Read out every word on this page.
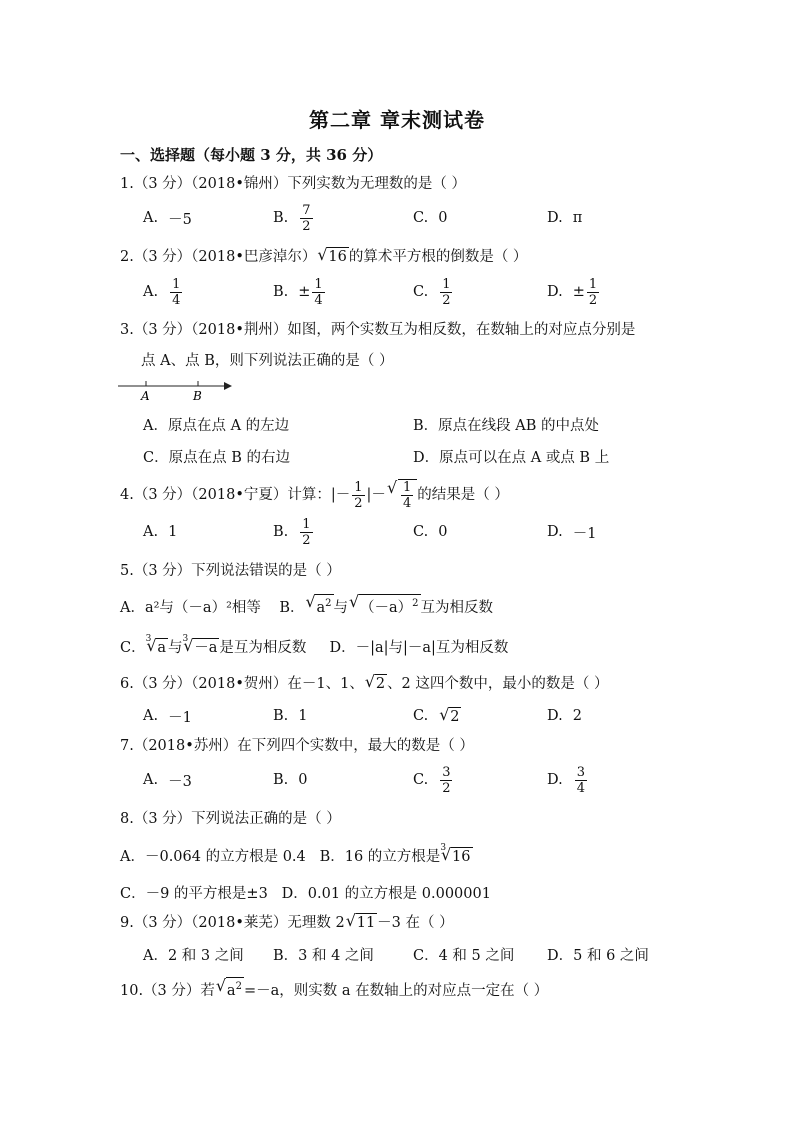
第二章 章末测试卷
一、选择题（每小题 3 分，共 36 分）
1.（3 分）（2018•锦州）下列实数为无理数的是（ ）
A. －5	B. $\frac{7}{2}$	C. 0	D. π
2.（3 分）（2018•巴彦淖尔） √ 16 的算术平方根的倒数是（ ）
A. $\frac{1}{4}$	B. ± $\frac{1}{4}$	C. $\frac{1}{2}$	D. ± $\frac{1}{2}$
3.（3 分）（2018•荆州）如图，两个实数互为相反数，在数轴上的对应点分别是
点 A、点 B，则下列说法正确的是（ ）
A	B
A．原点在点 A 的左边	B．原点在线段 AB 的中点处
C．原点在点 B 的右边	D．原点可以在点 A 或点 B 上
4.（3 分）（2018•宁夏）计算：|－ $\frac{1}{2}$ |－ √ $\frac{1}{4}$ 的结果是（ ）
A. 1	B. $\frac{1}{2}$	C. 0	D. －1
5.（3 分）下列说法错误的是（ ）
A．a²与（－a）²相等 B． √ $a^2$ 与 √ $(-a)^2$ 互为相反数
C．$^3$√ a 与$^3$√ －a 是互为相反数 D．－|a|与|－a|互为相反数
6.（3 分）（2018•贺州）在－1、1、 √ 2 、2 这四个数中，最小的数是（ ）
A. －1	B. 1	C.	√ 2	D. 2
7.（2018•苏州）在下列四个实数中，最大的数是（ ）
A. －3	B. 0	C. $\frac{3}{2}$	D. $\frac{3}{4}$
8.（3 分）下列说法正确的是（ ）
A．－0.064 的立方根是 0.4 B．16 的立方根是$^3$√ 16
C．－9 的平方根是±3 D．0.01 的立方根是 0.000001
9.（3 分）（2018•莱芜）无理数 2 √ 11 －3 在（ ）
A．2 和 3 之间 B．3 和 4 之间	C．4 和 5 之间 D．5 和 6 之间
10.（3 分）若 √ $a^2 =-a$，则实数 a 在数轴上的对应点一定在（ ）
